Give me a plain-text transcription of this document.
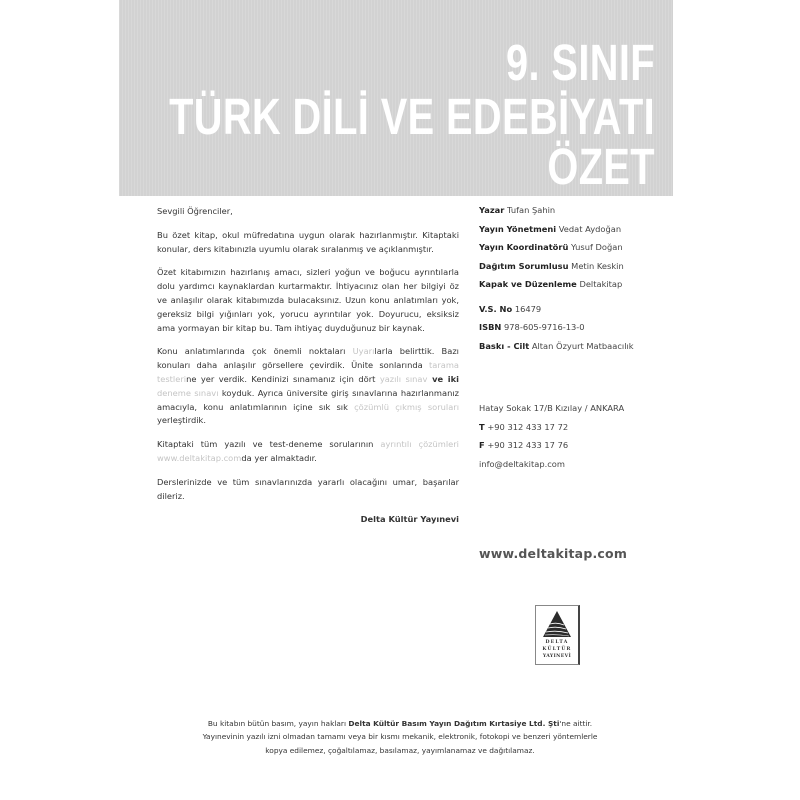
9. SINIF
TÜRK DİLİ VE EDEBİYATI
ÖZET

Sevgili Öğrenciler,

Bu özet kitap, okul müfredatına uygun olarak hazırlanmıştır. Kitaptaki konular, ders kitabınızla uyumlu olarak sıralanmış ve açıklanmıştır.

Özet kitabımızın hazırlanış amacı, sizleri yoğun ve boğucu ayrıntılarla dolu yardımcı kaynaklardan kurtarmaktır. İhtiyacınız olan her bilgiyi öz ve anlaşılır olarak kitabımızda bulacaksınız. Uzun konu anlatımları yok, gereksiz bilgi yığınları yok, yorucu ayrıntılar yok. Doyurucu, eksiksiz ama yormayan bir kitap bu. Tam ihtiyaç duyduğunuz bir kaynak.

Konu anlatımlarında çok önemli noktaları Uyarılarla belirttik. Bazı konuları daha anlaşılır görsellere çevirdik. Ünite sonlarında tarama testlerine yer verdik. Kendinizi sınamanız için dört yazılı sınav ve iki deneme sınavı koyduk. Ayrıca üniversite giriş sınavlarına hazırlanmanız amacıyla, konu anlatımlarının içine sık sık çözümlü çıkmış soruları yerleştirdik.

Kitaptaki tüm yazılı ve test-deneme sorularının ayrıntılı çözümleri www.deltakitap.comda yer almaktadır.

Derslerinizde ve tüm sınavlarınızda yararlı olacağını umar, başarılar dileriz.

Delta Kültür Yayınevi

Yazar Tufan Şahin
Yayın Yönetmeni Vedat Aydoğan
Yayın Koordinatörü Yusuf Doğan
Dağıtım Sorumlusu Metin Keskin
Kapak ve Düzenleme Deltakitap
V.S. No 16479
ISBN 978-605-9716-13-0
Baskı - Cilt Altan Özyurt Matbaacılık
Hatay Sokak 17/B Kızılay / ANKARA
T +90 312 433 17 72
F +90 312 433 17 76
info@deltakitap.com
www.deltakitap.com
DELTA
KÜLTÜR
YAYINEVİ
Bu kitabın bütün basım, yayın hakları Delta Kültür Basım Yayın Dağıtım Kırtasiye Ltd. Şti'ne aittir.
Yayınevinin yazılı izni olmadan tamamı veya bir kısmı mekanik, elektronik, fotokopi ve benzeri yöntemlerle
kopya edilemez, çoğaltılamaz, basılamaz, yayımlanamaz ve dağıtılamaz.
